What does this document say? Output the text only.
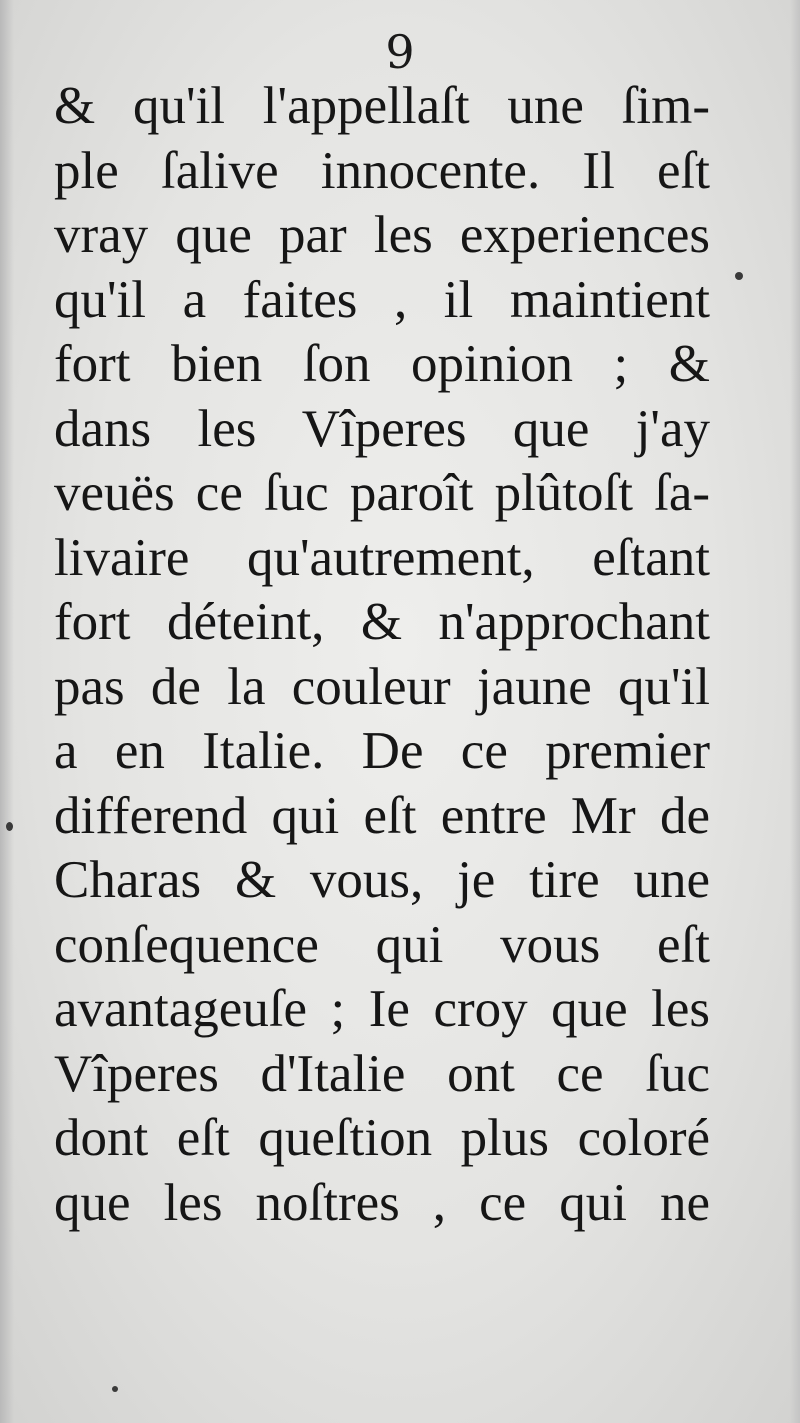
9
& qu'il l'appellaſt une ſim-
ple ſalive innocente. Il eſt
vray que par les experiences
qu'il a faites , il maintient
fort bien ſon opinion ; &
dans les Vîperes que j'ay
veuës ce ſuc paroît plûtoſt ſa-
livaire qu'autrement, eſtant
fort déteint, & n'approchant
pas de la couleur jaune qu'il
a en Italie. De ce premier
differend qui eſt entre Mr de
Charas & vous, je tire une
conſequence qui vous eſt
avantageuſe ; Ie croy que les
Vîperes d'Italie ont ce ſuc
dont eſt queſtion plus coloré
que les noſtres , ce qui ne
